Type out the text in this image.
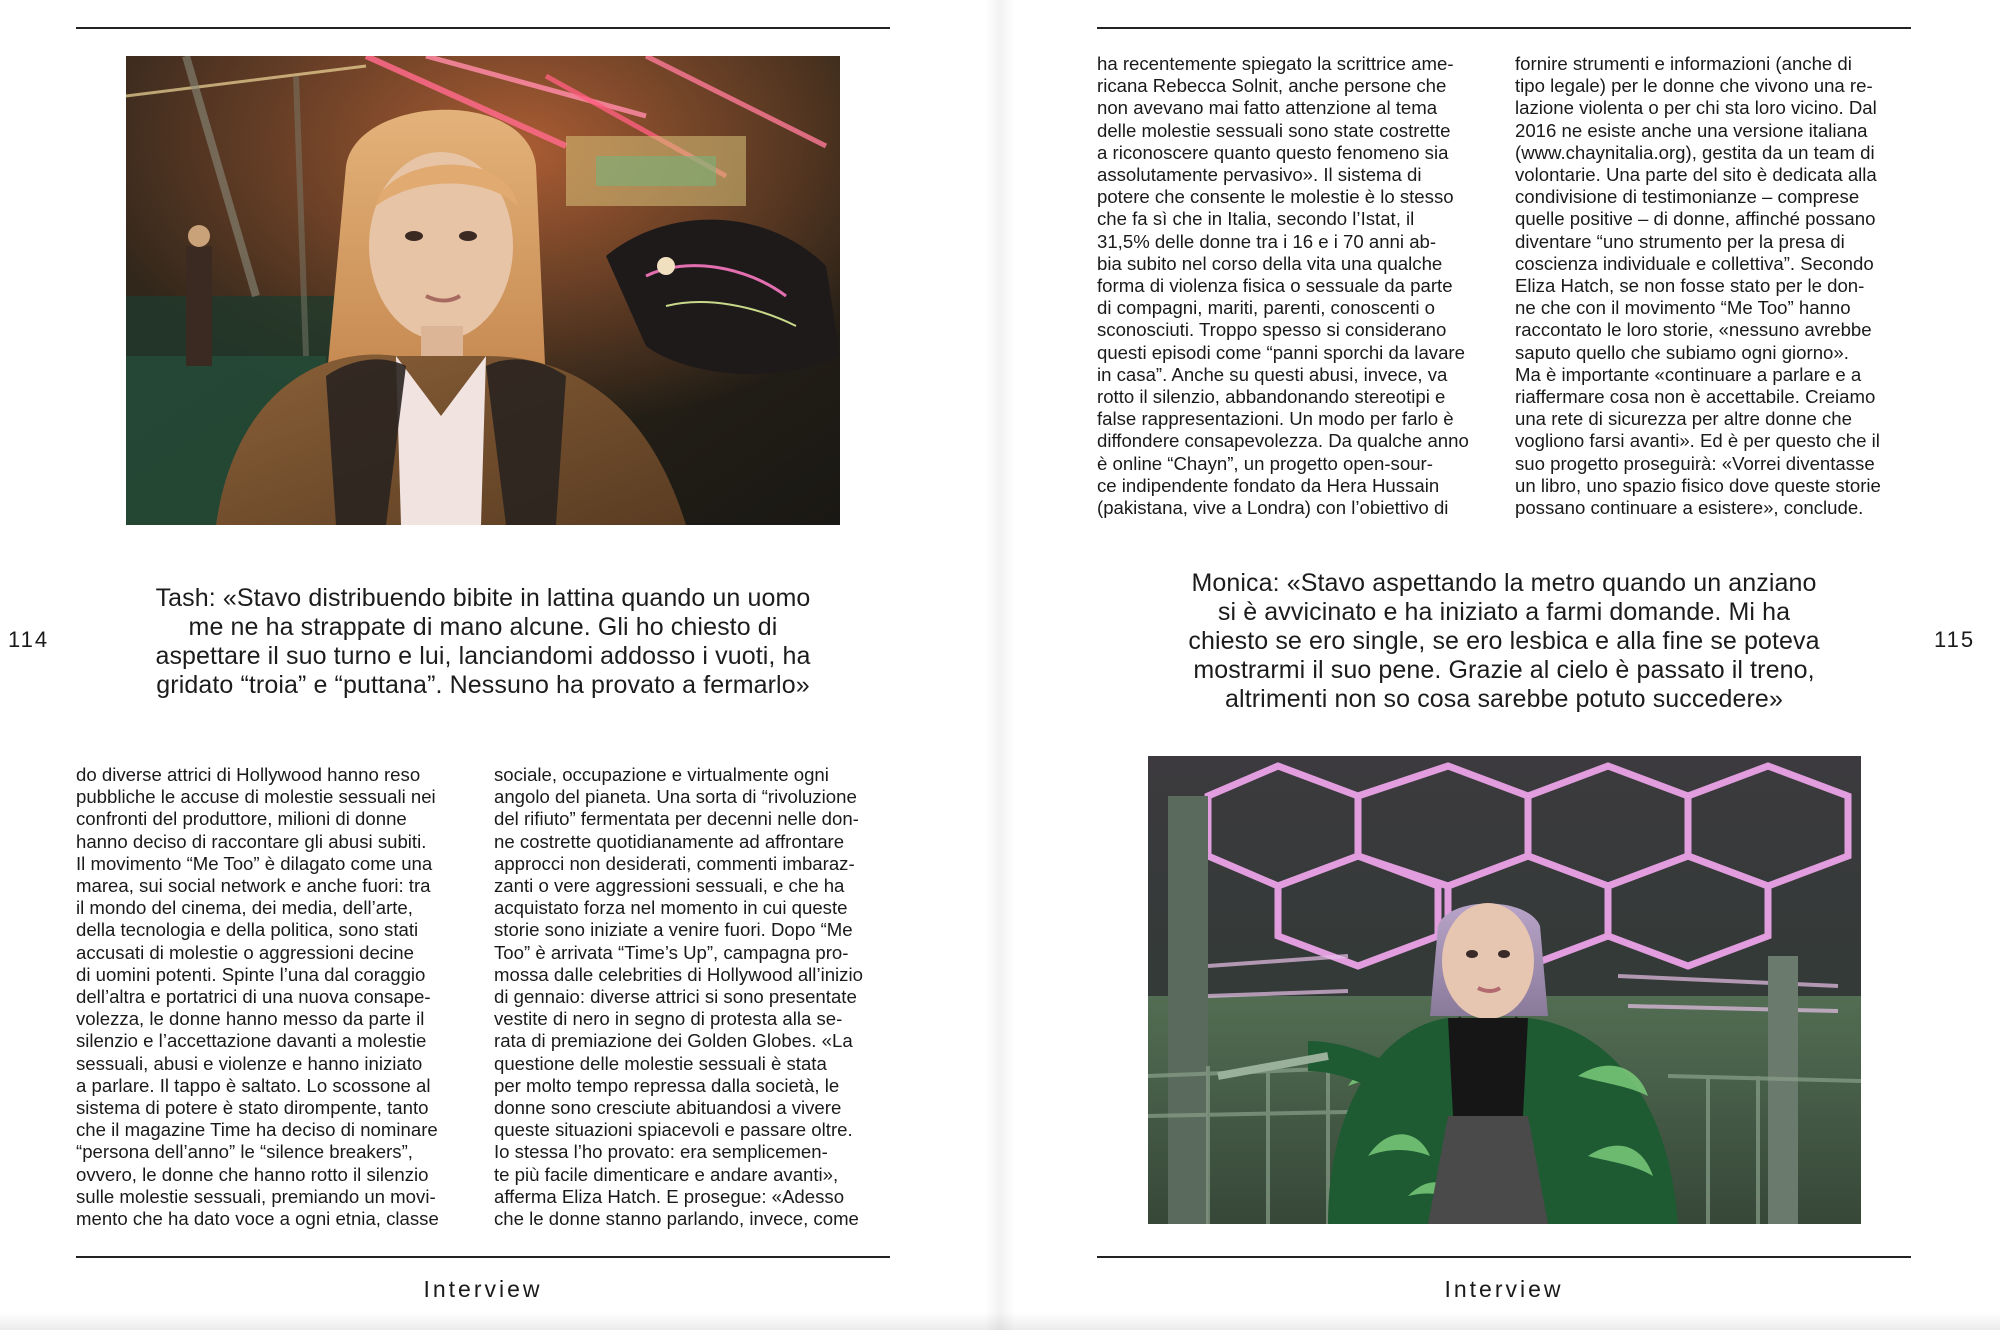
Tash: «Stavo distribuendo bibite in lattina quando un uomo
me ne ha strappate di mano alcune. Gli ho chiesto di
aspettare il suo turno e lui, lanciandomi addosso i vuoti, ha
gridato “troia” e “puttana”. Nessuno ha provato a fermarlo»
114
do diverse attrici di Hollywood hanno reso
pubbliche le accuse di molestie sessuali nei
confronti del produttore, milioni di donne
hanno deciso di raccontare gli abusi subiti.
Il movimento “Me Too” è dilagato come una
marea, sui social network e anche fuori: tra
il mondo del cinema, dei media, dell’arte,
della tecnologia e della politica, sono stati
accusati di molestie o aggressioni decine
di uomini potenti. Spinte l’una dal coraggio
dell’altra e portatrici di una nuova consape-
volezza, le donne hanno messo da parte il
silenzio e l’accettazione davanti a molestie
sessuali, abusi e violenze e hanno iniziato
a parlare. Il tappo è saltato. Lo scossone al
sistema di potere è stato dirompente, tanto
che il magazine Time ha deciso di nominare
“persona dell’anno” le “silence breakers”,
ovvero, le donne che hanno rotto il silenzio
sulle molestie sessuali, premiando un movi-
mento che ha dato voce a ogni etnia, classe
sociale, occupazione e virtualmente ogni
angolo del pianeta. Una sorta di “rivoluzione
del rifiuto” fermentata per decenni nelle don-
ne costrette quotidianamente ad affrontare
approcci non desiderati, commenti imbaraz-
zanti o vere aggressioni sessuali, e che ha
acquistato forza nel momento in cui queste
storie sono iniziate a venire fuori. Dopo “Me
Too” è arrivata “Time’s Up”, campagna pro-
mossa dalle celebrities di Hollywood all’inizio
di gennaio: diverse attrici si sono presentate
vestite di nero in segno di protesta alla se-
rata di premiazione dei Golden Globes. «La
questione delle molestie sessuali è stata
per molto tempo repressa dalla società, le
donne sono cresciute abituandosi a vivere
queste situazioni spiacevoli e passare oltre.
Io stessa l’ho provato: era semplicemen-
te più facile dimenticare e andare avanti»,
afferma Eliza Hatch. E prosegue: «Adesso
che le donne stanno parlando, invece, come
Interview
ha recentemente spiegato la scrittrice ame-
ricana Rebecca Solnit, anche persone che
non avevano mai fatto attenzione al tema
delle molestie sessuali sono state costrette
a riconoscere quanto questo fenomeno sia
assolutamente pervasivo». Il sistema di
potere che consente le molestie è lo stesso
che fa sì che in Italia, secondo l’Istat, il
31,5% delle donne tra i 16 e i 70 anni ab-
bia subito nel corso della vita una qualche
forma di violenza fisica o sessuale da parte
di compagni, mariti, parenti, conoscenti o
sconosciuti. Troppo spesso si considerano
questi episodi come “panni sporchi da lavare
in casa”. Anche su questi abusi, invece, va
rotto il silenzio, abbandonando stereotipi e
false rappresentazioni. Un modo per farlo è
diffondere consapevolezza. Da qualche anno
è online “Chayn”, un progetto open-sour-
ce indipendente fondato da Hera Hussain
(pakistana, vive a Londra) con l’obiettivo di
fornire strumenti e informazioni (anche di
tipo legale) per le donne che vivono una re-
lazione violenta o per chi sta loro vicino. Dal
2016 ne esiste anche una versione italiana
(www.chaynitalia.org), gestita da un team di
volontarie. Una parte del sito è dedicata alla
condivisione di testimonianze – comprese
quelle positive – di donne, affinché possano
diventare “uno strumento per la presa di
coscienza individuale e collettiva”. Secondo
Eliza Hatch, se non fosse stato per le don-
ne che con il movimento “Me Too” hanno
raccontato le loro storie, «nessuno avrebbe
saputo quello che subiamo ogni giorno».
Ma è importante «continuare a parlare e a
riaffermare cosa non è accettabile. Creiamo
una rete di sicurezza per altre donne che
vogliono farsi avanti». Ed è per questo che il
suo progetto proseguirà: «Vorrei diventasse
un libro, uno spazio fisico dove queste storie
possano continuare a esistere», conclude.
Monica: «Stavo aspettando la metro quando un anziano
si è avvicinato e ha iniziato a farmi domande. Mi ha
chiesto se ero single, se ero lesbica e alla fine se poteva
mostrarmi il suo pene. Grazie al cielo è passato il treno,
altrimenti non so cosa sarebbe potuto succedere»
115
Interview
